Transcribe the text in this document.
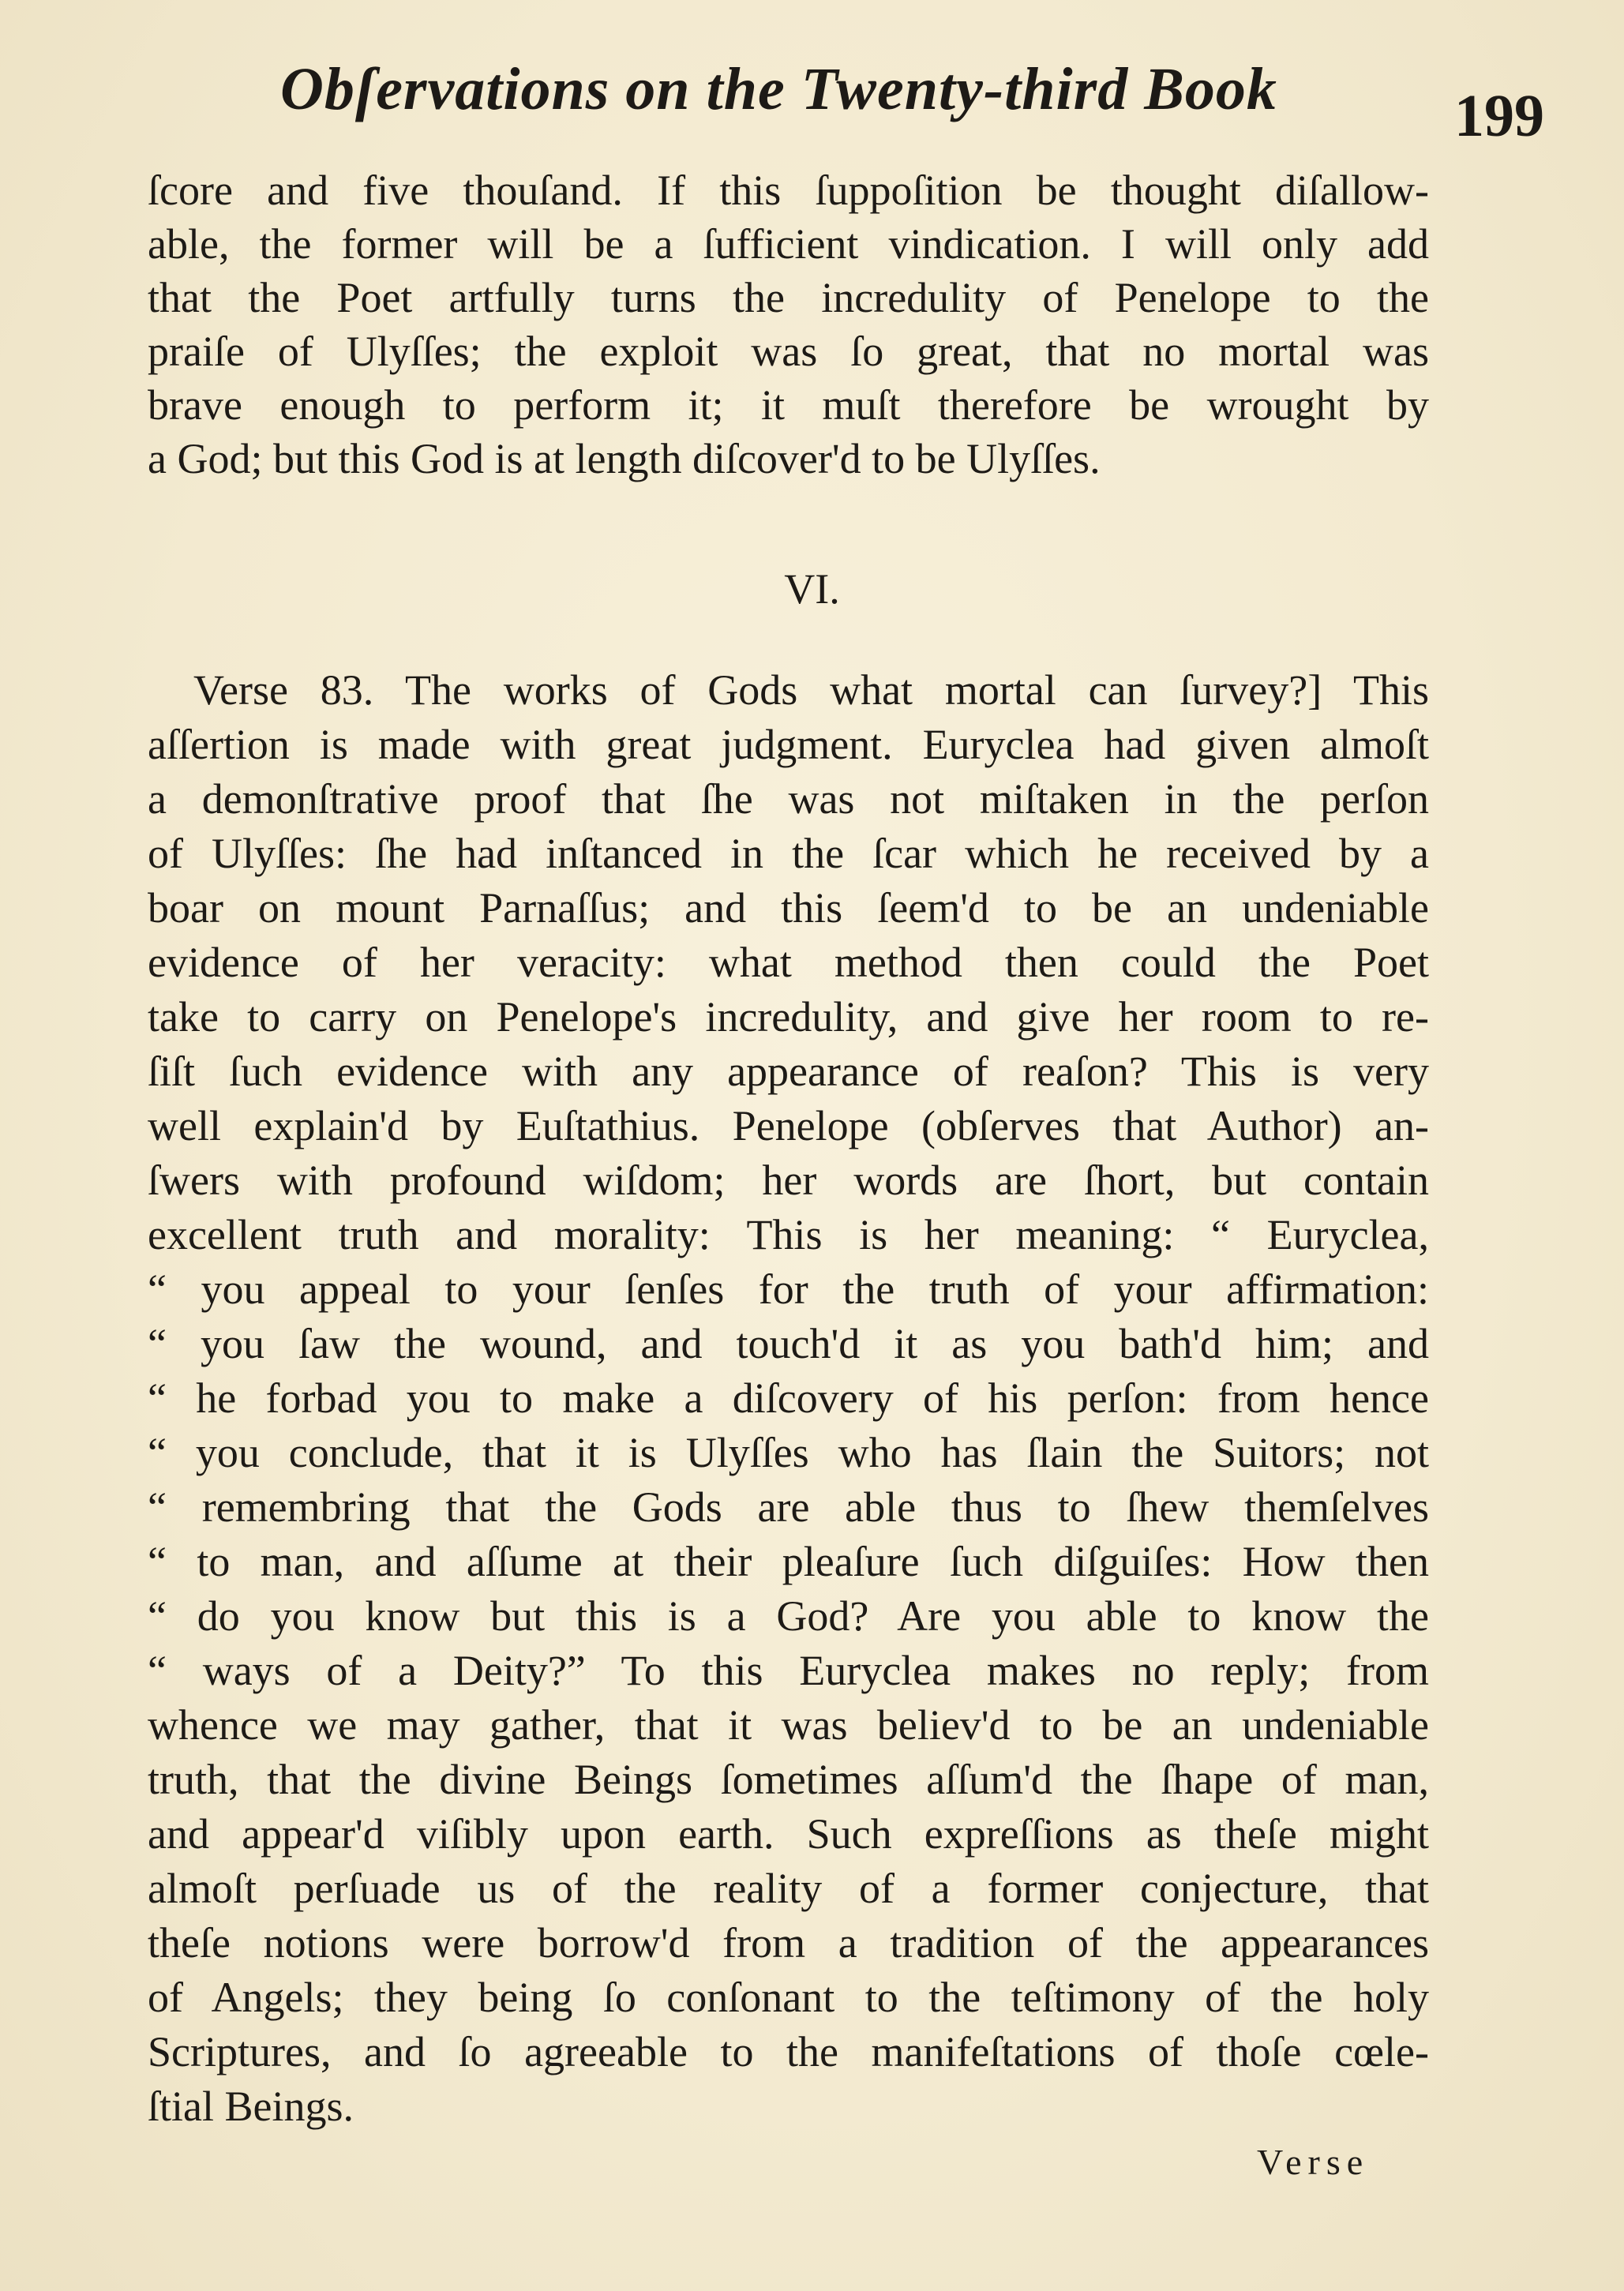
Obſervations on the Twenty-third Book	199
ſcore and five thouſand. If this ſuppoſition be thought diſallow-
able, the former will be a ſufficient vindication. I will only add
that the Poet artfully turns the incredulity of Penelope to the
praiſe of Ulyſſes; the exploit was ſo great, that no mortal was
brave enough to perform it; it muſt therefore be wrought by
a God; but this God is at length diſcover'd to be Ulyſſes.
VI.
Verse 83. The works of Gods what mortal can ſurvey?] This
aſſertion is made with great judgment. Euryclea had given almoſt
a demonſtrative proof that ſhe was not miſtaken in the perſon
of Ulyſſes: ſhe had inſtanced in the ſcar which he received by a
boar on mount Parnaſſus; and this ſeem'd to be an undeniable
evidence of her veracity: what method then could the Poet
take to carry on Penelope's incredulity, and give her room to re-
ſiſt ſuch evidence with any appearance of reaſon? This is very
well explain'd by Euſtathius. Penelope (obſerves that Author) an-
ſwers with profound wiſdom; her words are ſhort, but contain
excellent truth and morality: This is her meaning: “ Euryclea,
“ you appeal to your ſenſes for the truth of your affirmation:
“ you ſaw the wound, and touch'd it as you bath'd him; and
“ he forbad you to make a diſcovery of his perſon: from hence
“ you conclude, that it is Ulyſſes who has ſlain the Suitors; not
“ remembring that the Gods are able thus to ſhew themſelves
“ to man, and aſſume at their pleaſure ſuch diſguiſes: How then
“ do you know but this is a God? Are you able to know the
“ ways of a Deity?” To this Euryclea makes no reply; from
whence we may gather, that it was believ'd to be an undeniable
truth, that the divine Beings ſometimes aſſum'd the ſhape of man,
and appear'd viſibly upon earth. Such expreſſions as theſe might
almoſt perſuade us of the reality of a former conjecture, that
theſe notions were borrow'd from a tradition of the appearances
of Angels; they being ſo conſonant to the teſtimony of the holy
Scriptures, and ſo agreeable to the manifeſtations of thoſe cœle-
ſtial Beings.
Verse
